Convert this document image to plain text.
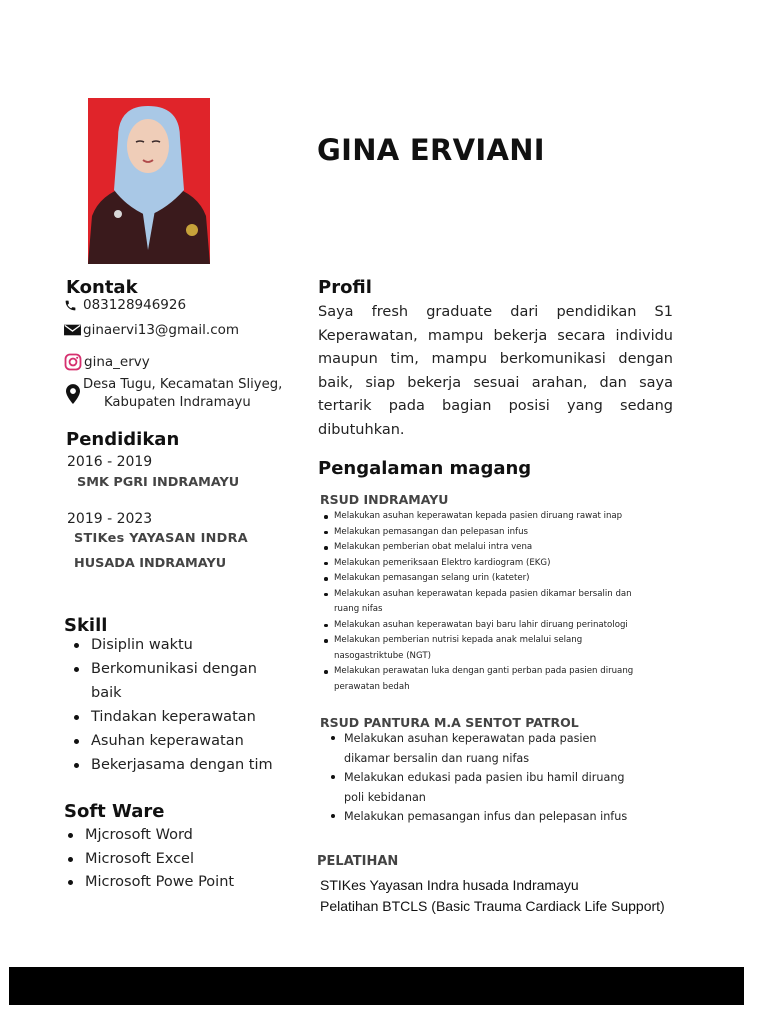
GINA ERVIANI
Kontak
083128946926
ginaervi13@gmail.com
gina_ervy
Desa Tugu, Kecamatan Sliyeg,
Kabupaten Indramayu
Pendidikan
2016 - 2019
SMK PGRI INDRAMAYU
2019 - 2023
STIKes YAYASAN INDRA
HUSADA INDRAMAYU
Skill
Disiplin waktu
Berkomunikasi dengan
baik
Tindakan keperawatan
Asuhan keperawatan
Bekerjasama dengan tim
Soft Ware
Mjcrosoft Word
Microsoft Excel
Microsoft Powe Point
Profil
Saya fresh graduate dari pendidikan S1 Keperawatan, mampu bekerja secara individu maupun tim, mampu berkomunikasi dengan baik, siap bekerja sesuai arahan, dan saya tertarik pada bagian posisi yang sedang dibutuhkan.
Pengalaman magang
RSUD INDRAMAYU
Melakukan asuhan keperawatan kepada pasien diruang rawat inap
Melakukan pemasangan dan pelepasan infus
Melakukan pemberian obat melalui intra vena
Melakukan pemeriksaan Elektro kardiogram (EKG)
Melakukan pemasangan selang urin (kateter)
Melakukan asuhan keperawatan kepada pasien dikamar bersalin dan ruang nifas
Melakukan asuhan keperawatan bayi baru lahir diruang perinatologi
Melakukan pemberian nutrisi kepada anak melalui selang nasogastriktube (NGT)
Melakukan perawatan luka dengan ganti perban pada pasien diruang perawatan bedah
RSUD PANTURA M.A SENTOT PATROL
Melakukan asuhan keperawatan pada pasien dikamar bersalin dan ruang nifas
Melakukan edukasi pada pasien ibu hamil diruang poli kebidanan
Melakukan pemasangan infus dan pelepasan infus
PELATIHAN
STIKes Yayasan Indra husada Indramayu
Pelatihan BTCLS (Basic Trauma Cardiack Life Support)
